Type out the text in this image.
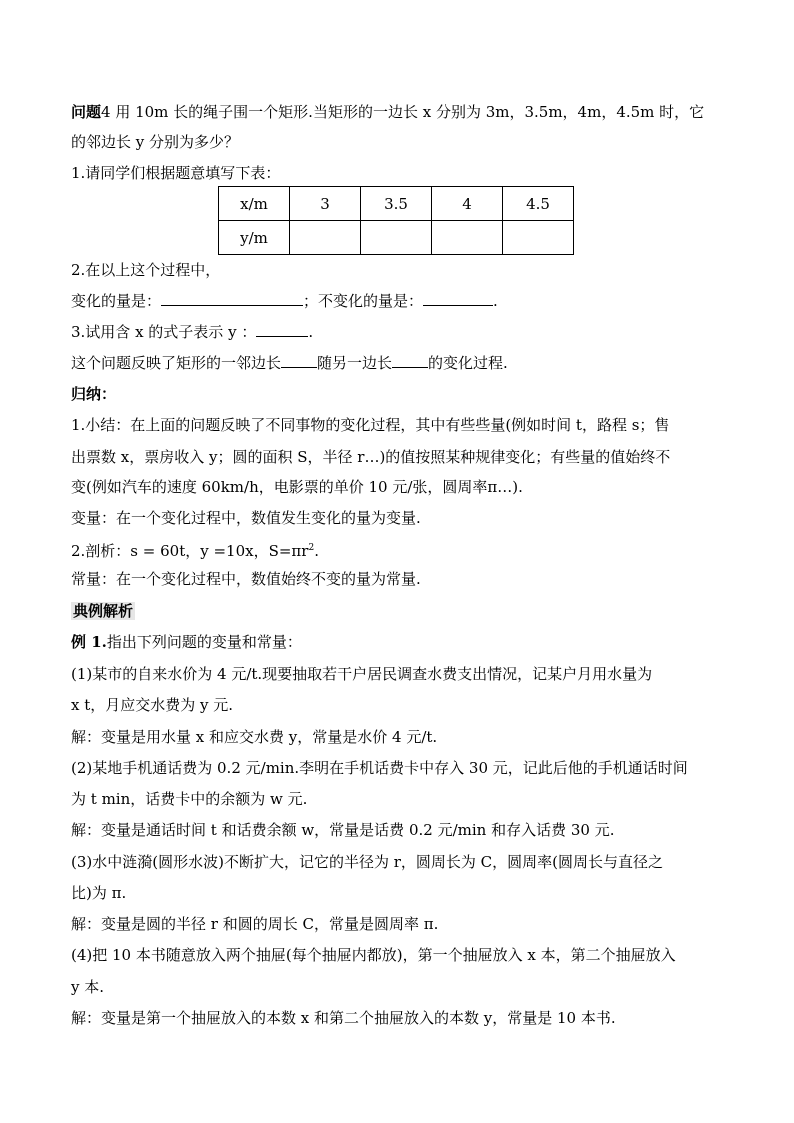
问题4 用 10m 长的绳子围一个矩形.当矩形的一边长 x 分别为 3m，3.5m，4m，4.5m 时，它
的邻边长 y 分别为多少？
1.请同学们根据题意填写下表：
x/m	3	3.5	4	4.5
y/m				
2.在以上这个过程中，
变化的量是：	；不变化的量是：	.
3.试用含 x 的式子表示 y ：	.
这个问题反映了矩形的一邻边长 随另一边长 的变化过程.
归纳：
1.小结：在上面的问题反映了不同事物的变化过程，其中有些些量(例如时间 t，路程 s；售
出票数 x，票房收入 y；圆的面积 S，半径 r…)的值按照某种规律变化；有些量的值始终不
变(例如汽车的速度 60km/h，电影票的单价 10 元/张，圆周率π…).
变量：在一个变化过程中，数值发生变化的量为变量.
2.剖析：s = 60t，y =10x，$S=\pi r^2$.
常量：在一个变化过程中，数值始终不变的量为常量.
典例解析
例 1.指出下列问题的变量和常量：
(1)某市的自来水价为 4 元/t.现要抽取若干户居民调查水费支出情况，记某户月用水量为
x t，月应交水费为 y 元.
解：变量是用水量 x 和应交水费 y，常量是水价 4 元/t.
(2)某地手机通话费为 0.2 元/min.李明在手机话费卡中存入 30 元，记此后他的手机通话时间
为 t min，话费卡中的余额为 w 元.
解：变量是通话时间 t 和话费余额 w，常量是话费 0.2 元/min 和存入话费 30 元.
(3)水中涟漪(圆形水波)不断扩大，记它的半径为 r，圆周长为 C，圆周率(圆周长与直径之
比)为 π.
解：变量是圆的半径 r 和圆的周长 C，常量是圆周率 π.
(4)把 10 本书随意放入两个抽屉(每个抽屉内都放)，第一个抽屉放入 x 本，第二个抽屉放入
y 本.
解：变量是第一个抽屉放入的本数 x 和第二个抽屉放入的本数 y，常量是 10 本书.
